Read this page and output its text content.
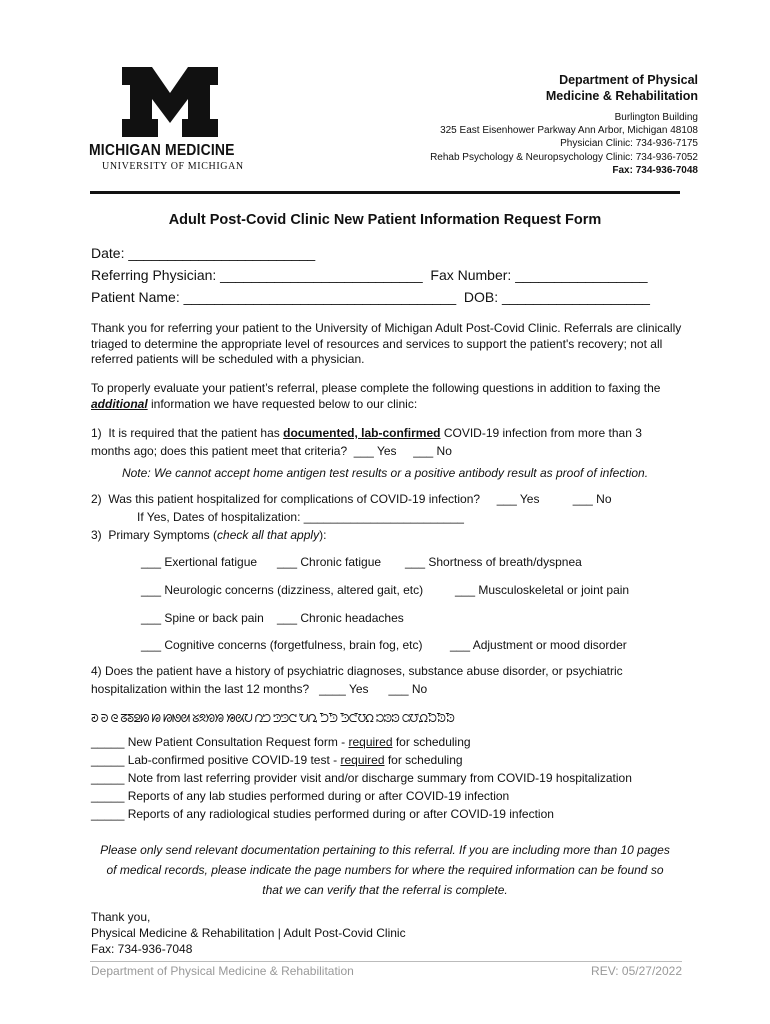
MICHIGAN MEDICINE
UNIVERSITY OF MICHIGAN
Department of Physical
Medicine & Rehabilitation
Burlington Building
325 East Eisenhower Parkway Ann Arbor, Michigan 48108
Physician Clinic: 734-936-7175
Rehab Psychology & Neuropsychology Clinic: 734-936-7052
Fax: 734-936-7048
Adult Post-Covid Clinic New Patient Information Request Form
Date: ________________________
Referring Physician: __________________________ Fax Number: _________________
Patient Name: ___________________________________ DOB: ___________________
Thank you for referring your patient to the University of Michigan Adult Post-Covid Clinic. Referrals are clinically triaged to determine the appropriate level of resources and services to support the patient's recovery; not all referred patients will be scheduled with a physician.
To properly evaluate your patient’s referral, please complete the following questions in addition to faxing the additional information we have requested below to our clinic:
1)  It is required that the patient has documented, lab-confirmed COVID-19 infection from more than 3
months ago; does this patient meet that criteria?  ___ Yes     ___ No
Note: We cannot accept home antigen test results or a positive antibody result as proof of infection.
2)  Was this patient hospitalized for complications of COVID-19 infection?     ___ Yes          ___ No
If Yes, Dates of hospitalization: ________________________
3)  Primary Symptoms (check all that apply):
___ Exertional fatigue ___ Chronic fatigue ___ Shortness of breath/dyspnea
___ Neurologic concerns (dizziness, altered gait, etc)	___ Musculoskeletal or joint pain
___ Spine or back pain ___ Chronic headaches
___ Cognitive concerns (forgetfulness, brain fog, etc) ___ Adjustment or mood disorder
4) Does the patient have a history of psychiatric diagnoses, substance abuse disorder, or psychiatric
hospitalization within the last 12 months?   ____ Yes      ___ No
ᘑ ᘒ ᘓ ᘔᘕᘖᘗ ᘘ ᘙᘚᘛ ᘜᘝᘞᘟ ᘠᘡᘢ ᘣᘤ ᘥᘦᘧ ᘨᘩ ᘪᘫ ᘬᘭᘮᘯ ᘰᘱᘲ ᘳᘴᘵᘶᘷᘸ
_____ New Patient Consultation Request form - required for scheduling
_____ Lab-confirmed positive COVID-19 test - required for scheduling
_____ Note from last referring provider visit and/or discharge summary from COVID-19 hospitalization
_____ Reports of any lab studies performed during or after COVID-19 infection
_____ Reports of any radiological studies performed during or after COVID-19 infection
Please only send relevant documentation pertaining to this referral. If you are including more than 10 pages
of medical records, please indicate the page numbers for where the required information can be found so
that we can verify that the referral is complete.
Thank you,
Physical Medicine & Rehabilitation | Adult Post-Covid Clinic
Fax: 734-936-7048
Department of Physical Medicine & Rehabilitation	REV: 05/27/2022
